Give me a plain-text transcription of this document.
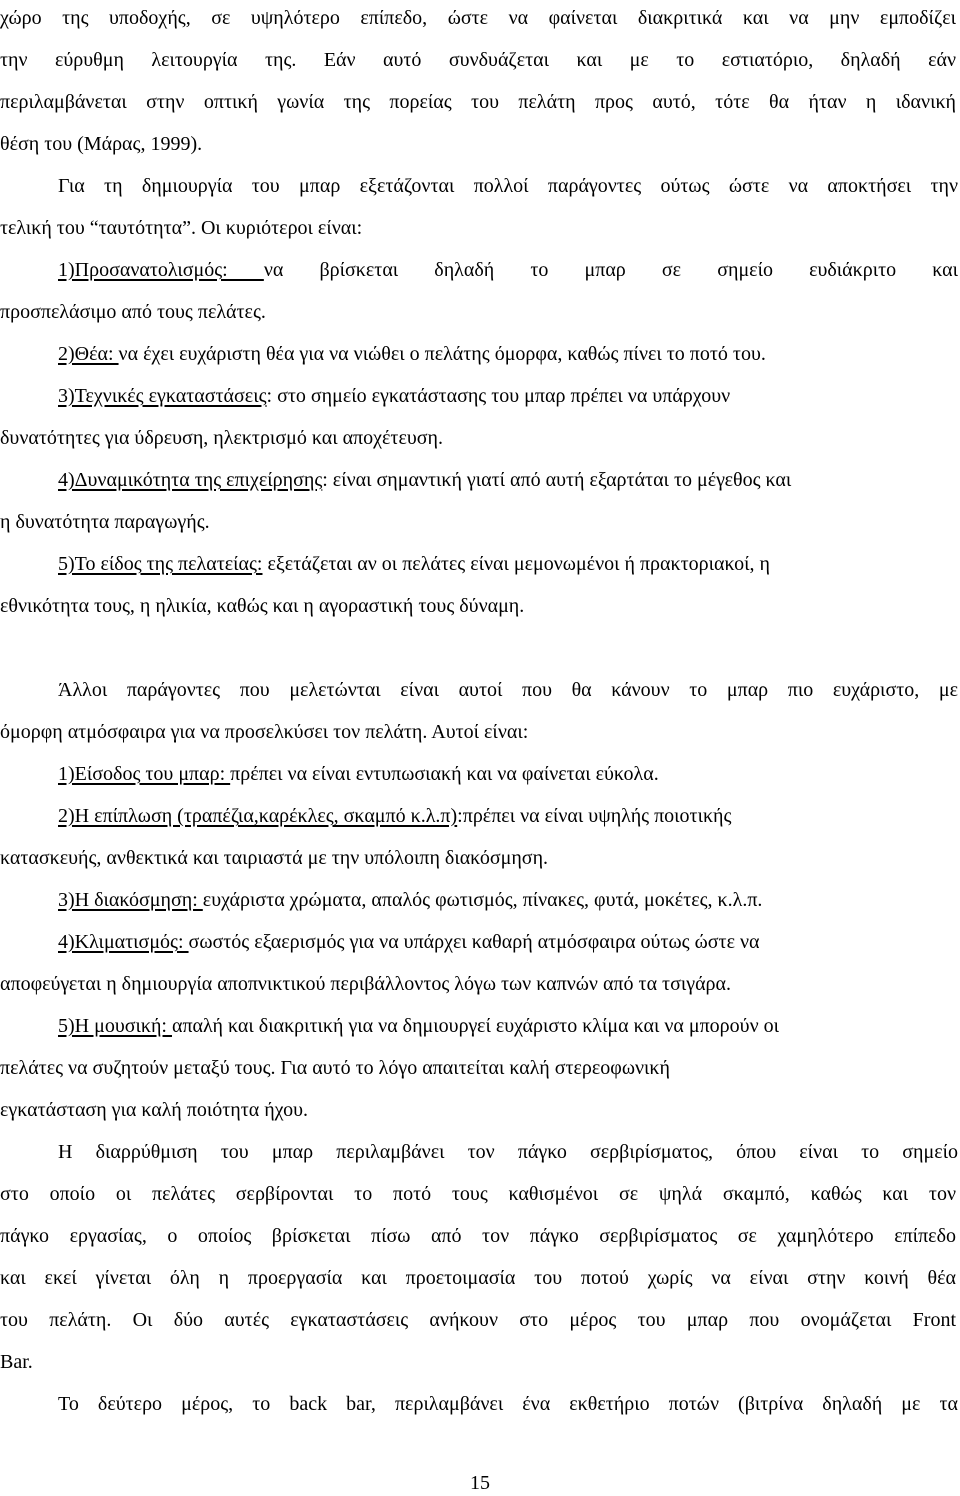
χώρο της υποδοχής, σε υψηλότερο επίπεδο, ώστε να φαίνεται διακριτικά και να μην εμποδίζει
την εύρυθμη λειτουργία της. Εάν αυτό συνδυάζεται και με το εστιατόριο, δηλαδή εάν
περιλαμβάνεται στην οπτική γωνία της πορείας του πελάτη προς αυτό, τότε θα ήταν η ιδανική
θέση του (Μάρας, 1999).
Για τη δημιουργία του μπαρ εξετάζονται πολλοί παράγοντες ούτως ώστε να αποκτήσει την
τελική του “ταυτότητα”. Οι κυριότεροι είναι:
1)Προσανατολισμός: να βρίσκεται δηλαδή το μπαρ σε σημείο ευδιάκριτο και
προσπελάσιμο από τους πελάτες.
2)Θέα: να έχει ευχάριστη θέα για να νιώθει ο πελάτης όμορφα, καθώς πίνει το ποτό του.
3)Τεχνικές εγκαταστάσεις: στο σημείο εγκατάστασης του μπαρ πρέπει να υπάρχουν
δυνατότητες για ύδρευση, ηλεκτρισμό και αποχέτευση.
4)Δυναμικότητα της επιχείρησης: είναι σημαντική γιατί από αυτή εξαρτάται το μέγεθος και
η δυνατότητα παραγωγής.
5)Το είδος της πελατείας: εξετάζεται αν οι πελάτες είναι μεμονωμένοι ή πρακτοριακοί, η
εθνικότητα τους, η ηλικία, καθώς και η αγοραστική τους δύναμη.
Άλλοι παράγοντες που μελετώνται είναι αυτοί που θα κάνουν το μπαρ πιο ευχάριστο, με
όμορφη ατμόσφαιρα για να προσελκύσει τον πελάτη. Αυτοί είναι:
1)Είσοδος του μπαρ: πρέπει να είναι εντυπωσιακή και να φαίνεται εύκολα.
2)Η επίπλωση (τραπέζια,καρέκλες, σκαμπό κ.λ.π):πρέπει να είναι υψηλής ποιοτικής
κατασκευής, ανθεκτικά και ταιριαστά με την υπόλοιπη διακόσμηση.
3)Η διακόσμηση: ευχάριστα χρώματα, απαλός φωτισμός, πίνακες, φυτά, μοκέτες, κ.λ.π.
4)Κλιματισμός: σωστός εξαερισμός για να υπάρχει καθαρή ατμόσφαιρα ούτως ώστε να
αποφεύγεται η δημιουργία αποπνικτικού περιβάλλοντος λόγω των καπνών από τα τσιγάρα.
5)Η μουσική: απαλή και διακριτική για να δημιουργεί ευχάριστο κλίμα και να μπορούν οι
πελάτες να συζητούν μεταξύ τους. Για αυτό το λόγο απαιτείται καλή στερεοφωνική
εγκατάσταση για καλή ποιότητα ήχου.
Η διαρρύθμιση του μπαρ περιλαμβάνει τον πάγκο σερβιρίσματος, όπου είναι το σημείο
στο οποίο οι πελάτες σερβίρονται το ποτό τους καθισμένοι σε ψηλά σκαμπό, καθώς και τον
πάγκο εργασίας, ο οποίος βρίσκεται πίσω από τον πάγκο σερβιρίσματος σε χαμηλότερο επίπεδο
και εκεί γίνεται όλη η προεργασία και προετοιμασία του ποτού χωρίς να είναι στην κοινή θέα
του πελάτη. Οι δύο αυτές εγκαταστάσεις ανήκουν στο μέρος του μπαρ που ονομάζεται Front
Bar.
Το δεύτερο μέρος, το back bar, περιλαμβάνει ένα εκθετήριο ποτών (βιτρίνα δηλαδή με τα
15
